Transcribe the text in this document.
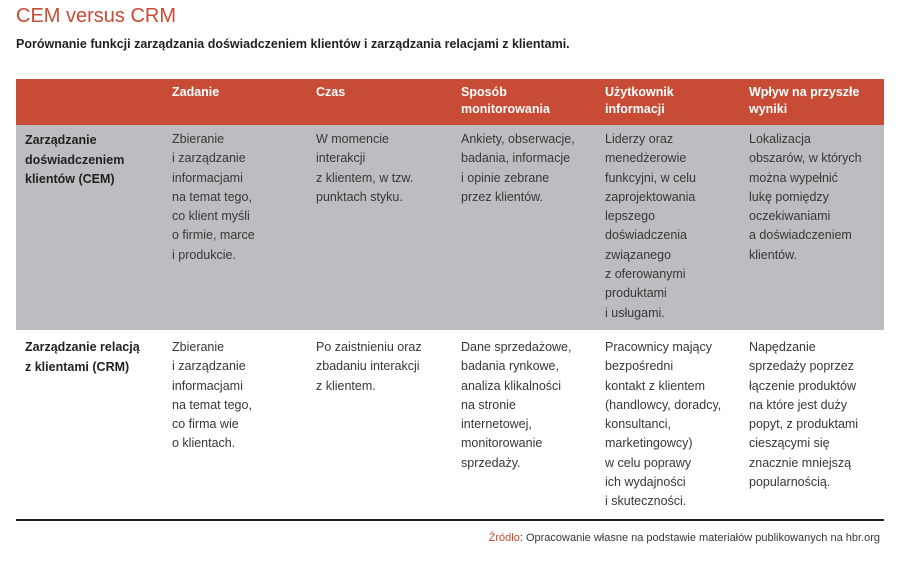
CEM versus CRM
Porównanie funkcji zarządzania doświadczeniem klientów i zarządzania relacjami z klientami.
Zadanie	Czas	Sposób
monitorowania
Użytkownik
informacji
Wpływ na przyszłe
wyniki
Zarządzanie
doświadczeniem
klientów (CEM)
Zbieranie
i zarządzanie
informacjami
na temat tego,
co klient myśli
o firmie, marce
i produkcie.
W momencie
interakcji
z klientem, w tzw.
punktach styku.
Ankiety, obserwacje,
badania, informacje
i opinie zebrane
przez klientów.
Liderzy oraz
menedżerowie
funkcyjni, w celu
zaprojektowania
lepszego
doświadczenia
związanego
z oferowanymi
produktami
i usługami.
Lokalizacja
obszarów, w których
można wypełnić
lukę pomiędzy
oczekiwaniami
a doświadczeniem
klientów.
Zarządzanie relacją
z klientami (CRM)
Zbieranie
i zarządzanie
informacjami
na temat tego,
co firma wie
o klientach.
Po zaistnieniu oraz
zbadaniu interakcji
z klientem.
Dane sprzedażowe,
badania rynkowe,
analiza klikalności
na stronie
internetowej,
monitorowanie
sprzedaży.
Pracownicy mający
bezpośredni
kontakt z klientem
(handlowcy, doradcy,
konsultanci,
marketingowcy)
w celu poprawy
ich wydajności
i skuteczności.
Napędzanie
sprzedaży poprzez
łączenie produktów
na które jest duży
popyt, z produktami
cieszącymi się
znacznie mniejszą
popularnością.
Źródło: Opracowanie własne na podstawie materiałów publikowanych na hbr.org
